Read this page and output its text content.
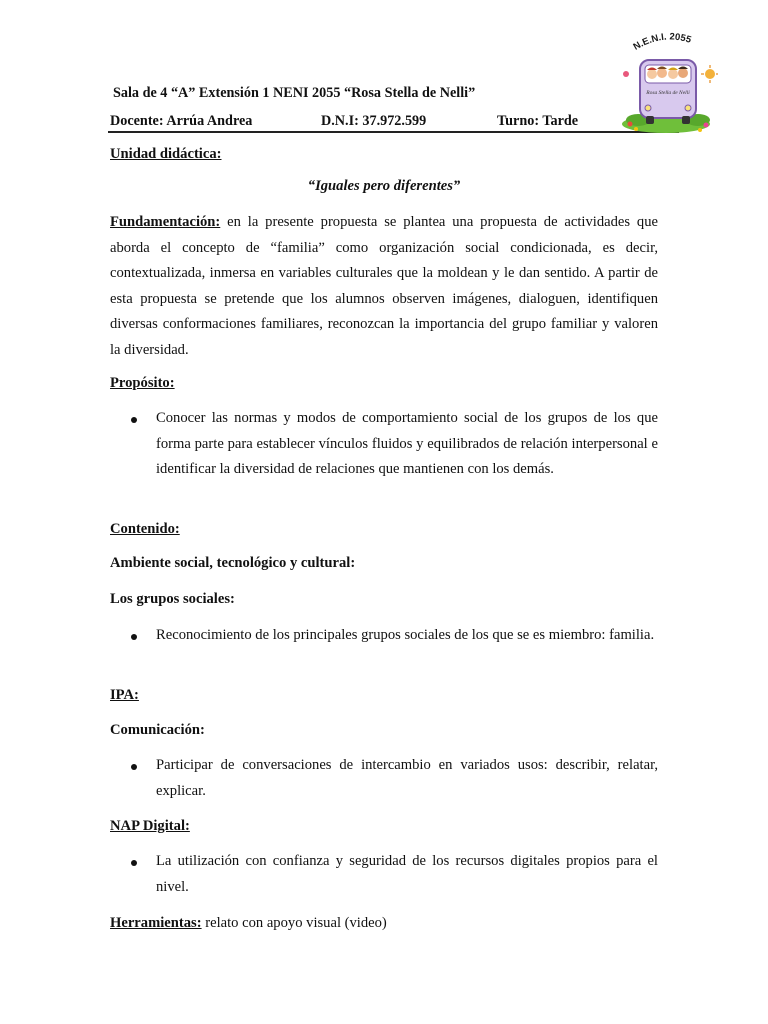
Sala de 4 “A” Extensión 1 NENI 2055 “Rosa Stella de Nelli”
Docente: Arrúa Andrea	D.N.I: 37.972.599	Turno: Tarde
N.E.N.I. 2055
Rosa Stella de Nelli
Unidad didáctica:
“Iguales pero diferentes”

Fundamentación: en la presente propuesta se plantea una propuesta de actividades que aborda el concepto de “familia” como organización social condicionada, es decir, contextualizada, inmersa en variables culturales que la moldean y le dan sentido. A partir de esta propuesta se pretende que los alumnos observen imágenes, dialoguen, identifiquen diversas conformaciones familiares, reconozcan la importancia del grupo familiar y valoren la diversidad.

Propósito:

Conocer las normas y modos de comportamiento social de los grupos de los que forma parte para establecer vínculos fluidos y equilibrados de relación interpersonal e identificar la diversidad de relaciones que mantienen con los demás.

Contenido:
Ambiente social, tecnológico y cultural:
Los grupos sociales:

Reconocimiento de los principales grupos sociales de los que se es miembro: familia.

IPA:
Comunicación:

Participar de conversaciones de intercambio en variados usos: describir, relatar, explicar.

NAP Digital:

La utilización con confianza y seguridad de los recursos digitales propios para el nivel.

Herramientas: relato con apoyo visual (video)
